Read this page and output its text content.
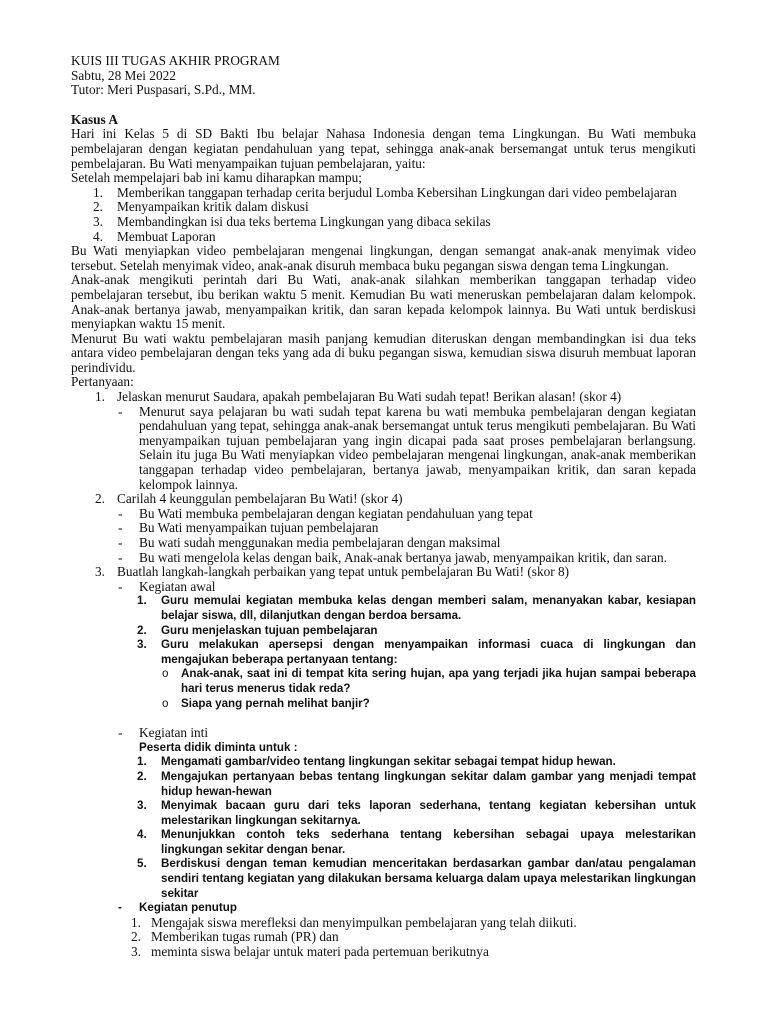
KUIS III TUGAS AKHIR PROGRAM
Sabtu, 28 Mei 2022
Tutor: Meri Puspasari, S.Pd., MM.
Kasus A

Hari ini Kelas 5 di SD Bakti Ibu belajar Nahasa Indonesia dengan tema Lingkungan. Bu Wati membuka pembelajaran dengan kegiatan pendahuluan yang tepat, sehingga anak-anak bersemangat untuk terus mengikuti pembelajaran. Bu Wati menyampaikan tujuan pembelajaran, yaitu:

Setelah mempelajari bab ini kamu diharapkan mampu;
1. Memberikan tanggapan terhadap cerita berjudul Lomba Kebersihan Lingkungan dari video pembelajaran

2. Menyampaikan kritik dalam diskusi

3. Membandingkan isi dua teks bertema Lingkungan yang dibaca sekilas

4. Membuat Laporan

Bu Wati menyiapkan video pembelajaran mengenai lingkungan, dengan semangat anak-anak menyimak video tersebut. Setelah menyimak video, anak-anak disuruh membaca buku pegangan siswa dengan tema Lingkungan.

Anak-anak mengikuti perintah dari Bu Wati, anak-anak silahkan memberikan tanggapan terhadap video pembelajaran tersebut, ibu berikan waktu 5 menit. Kemudian Bu wati meneruskan pembelajaran dalam kelompok. Anak-anak bertanya jawab, menyampaikan kritik, dan saran kepada kelompok lainnya. Bu Wati untuk berdiskusi menyiapkan waktu 15 menit.

Menurut Bu wati waktu pembelajaran masih panjang kemudian diteruskan dengan membandingkan isi dua teks antara video pembelajaran dengan teks yang ada di buku pegangan siswa, kemudian siswa disuruh membuat laporan perindividu.

Pertanyaan:
1. Jelaskan menurut Saudara, apakah pembelajaran Bu Wati sudah tepat! Berikan alasan! (skor 4)

- Menurut saya pelajaran bu wati sudah tepat karena bu wati membuka pembelajaran dengan kegiatan pendahuluan yang tepat, sehingga anak-anak bersemangat untuk terus mengikuti pembelajaran. Bu Wati menyampaikan tujuan pembelajaran yang ingin dicapai pada saat proses pembelajaran berlangsung. Selain itu juga Bu Wati menyiapkan video pembelajaran mengenai lingkungan, anak-anak memberikan tanggapan terhadap video pembelajaran, bertanya jawab, menyampaikan kritik, dan saran kepada kelompok lainnya.

2. Carilah 4 keunggulan pembelajaran Bu Wati! (skor 4)

- Bu Wati membuka pembelajaran dengan kegiatan pendahuluan yang tepat

- Bu Wati menyampaikan tujuan pembelajaran

- Bu wati sudah menggunakan media pembelajaran dengan maksimal

- Bu wati mengelola kelas dengan baik, Anak-anak bertanya jawab, menyampaikan kritik, dan saran.

3. Buatlah langkah-langkah perbaikan yang tepat untuk pembelajaran Bu Wati! (skor 8)

- Kegiatan awal

1. Guru memulai kegiatan membuka kelas dengan memberi salam, menanyakan kabar, kesiapan belajar siswa, dll, dilanjutkan dengan berdoa bersama.

2. Guru menjelaskan tujuan pembelajaran

3. Guru melakukan apersepsi dengan menyampaikan informasi cuaca di lingkungan dan mengajukan beberapa pertanyaan tentang:

o Anak-anak, saat ini di tempat kita sering hujan, apa yang terjadi jika hujan sampai beberapa hari terus menerus tidak reda?

o Siapa yang pernah melihat banjir?

- Kegiatan inti

Peserta didik diminta untuk :
1. Mengamati gambar/video tentang lingkungan sekitar sebagai tempat hidup hewan.

2. Mengajukan pertanyaan bebas tentang lingkungan sekitar dalam gambar yang menjadi tempat hidup hewan-hewan

3. Menyimak bacaan guru dari teks laporan sederhana, tentang kegiatan kebersihan untuk melestarikan lingkungan sekitarnya.

4. Menunjukkan contoh teks sederhana tentang kebersihan sebagai upaya melestarikan lingkungan sekitar dengan benar.

5. Berdiskusi dengan teman kemudian menceritakan berdasarkan gambar dan/atau pengalaman sendiri tentang kegiatan yang dilakukan bersama keluarga dalam upaya melestarikan lingkungan sekitar

- Kegiatan penutup

1. Mengajak siswa merefleksi dan menyimpulkan pembelajaran yang telah diikuti.

2. Memberikan tugas rumah (PR) dan

3. meminta siswa belajar untuk materi pada pertemuan berikutnya
